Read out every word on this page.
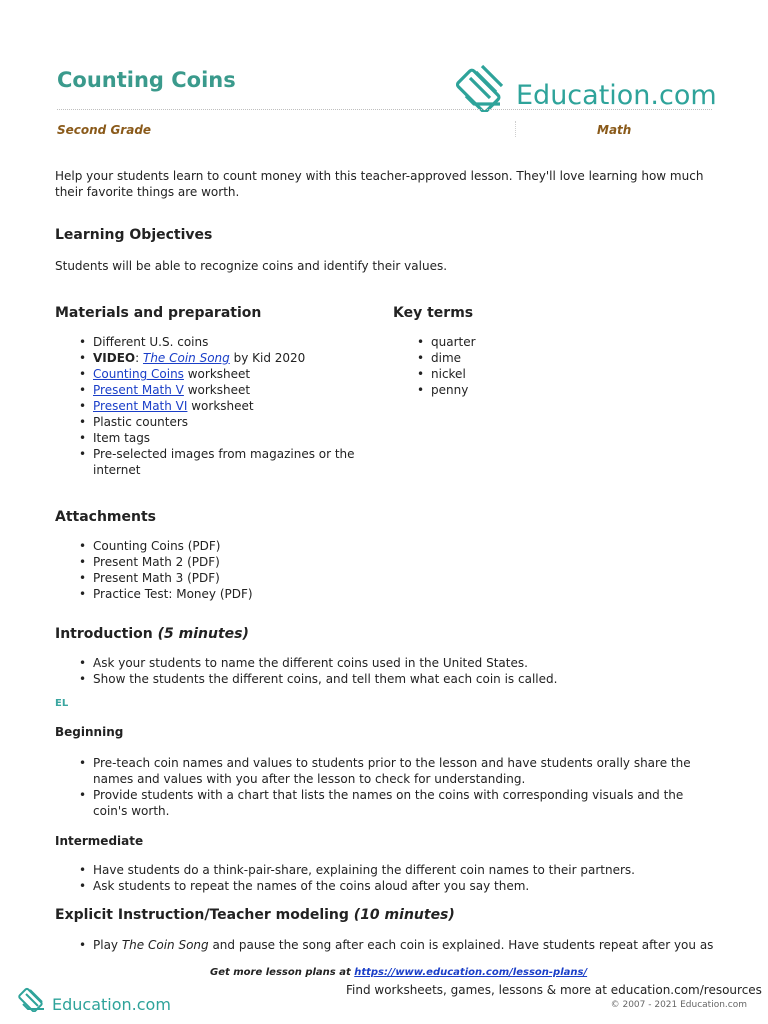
Counting Coins	Education.com
Second Grade	Math

Help your students learn to count money with this teacher-approved lesson. They'll love learning how much their favorite things are worth.

Learning Objectives

Students will be able to recognize coins and identify their values.

Materials and preparation
• Different U.S. coins
• VIDEO: The Coin Song by Kid 2020
• Counting Coins worksheet
• Present Math V worksheet
• Present Math VI worksheet
• Plastic counters
• Item tags
• Pre-selected images from magazines or the internet
Key terms
• quarter
• dime
• nickel
• penny
Attachments
• Counting Coins (PDF)
• Present Math 2 (PDF)
• Present Math 3 (PDF)
• Practice Test: Money (PDF)
Introduction (5 minutes)
• Ask your students to name the different coins used in the United States.
• Show the students the different coins, and tell them what each coin is called.
EL
Beginning
• Pre-teach coin names and values to students prior to the lesson and have students orally share the names and values with you after the lesson to check for understanding.
• Provide students with a chart that lists the names on the coins with corresponding visuals and the coin's worth.
Intermediate
• Have students do a think-pair-share, explaining the different coin names to their partners.
• Ask students to repeat the names of the coins aloud after you say them.
Explicit Instruction/Teacher modeling (10 minutes)
• Play The Coin Song and pause the song after each coin is explained. Have students repeat after you as
Get more lesson plans at https://www.education.com/lesson-plans/
Education.com
Find worksheets, games, lessons & more at education.com/resources
© 2007 - 2021 Education.com
